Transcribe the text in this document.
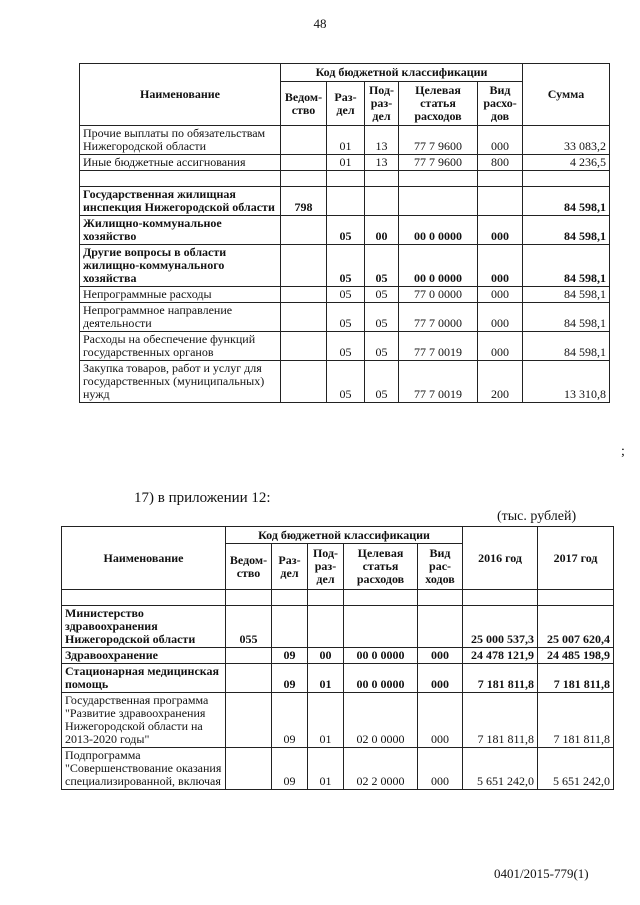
48
Наименование	Код бюджетной классификации					Сумма
	Ведом-ство	Раз-дел	Под-раз-дел	Целевая статья расходов	Вид расхо-дов	
Прочие выплаты по обязательствам Нижегородской области		01	13	77 7 9600	000	33 083,2
Иные бюджетные ассигнования		01	13	77 7 9600	800	4 236,5

Государственная жилищная инспекция Нижегородской области	798					84 598,1
Жилищно-коммунальное хозяйство		05	00	00 0 0000	000	84 598,1
Другие вопросы в области жилищно-коммунального хозяйства		05	05	00 0 0000	000	84 598,1
Непрограммные расходы		05	05	77 0 0000	000	84 598,1
Непрограммное направление деятельности		05	05	77 7 0000	000	84 598,1
Расходы на обеспечение функций государственных органов		05	05	77 7 0019	000	84 598,1
Закупка товаров, работ и услуг для государственных (муниципальных) нужд		05	05	77 7 0019	200	13 310,8
;
17) в приложении 12:
(тыс. рублей)
Наименование	Код бюджетной классификации					2016 год	2017 год
	Ведом-ство	Раз-дел	Под-раз-дел	Целевая статья расходов	Вид рас-ходов		

Министерство здравоохранения Нижегородской области	055					25 000 537,3	25 007 620,4
Здравоохранение		09	00	00 0 0000	000	24 478 121,9	24 485 198,9
Стационарная медицинская помощь		09	01	00 0 0000	000	7 181 811,8	7 181 811,8
Государственная программа "Развитие здравоохранения Нижегородской области на 2013-2020 годы"		09	01	02 0 0000	000	7 181 811,8	7 181 811,8
Подпрограмма "Совершенствование оказания специализированной, включая		09	01	02 2 0000	000	5 651 242,0	5 651 242,0
0401/2015-779(1)
